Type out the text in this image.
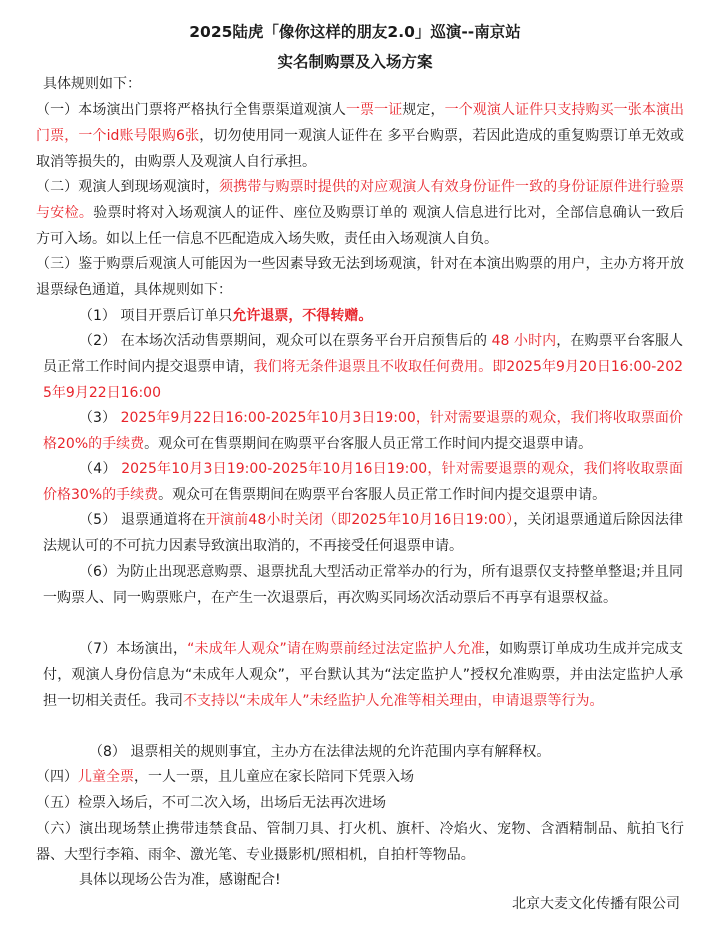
2025陆虎「像你这样的朋友2.0」巡演--南京站
实名制购票及入场方案
具体规则如下：
（一）本场演出门票将严格执行全售票渠道观演人一票一证规定，一个观演人证件只支持购买一张本演出门票，一个id账号限购6张，切勿使用同一观演人证件在 多平台购票，若因此造成的重复购票订单无效或取消等损失的，由购票人及观演人自行承担。
（二）观演人到现场观演时，须携带与购票时提供的对应观演人有效身份证件一致的身份证原件进行验票与安检。验票时将对入场观演人的证件、座位及购票订单的 观演人信息进行比对，全部信息确认一致后方可入场。如以上任一信息不匹配造成入场失败，责任由入场观演人自负。
（三）鉴于购票后观演人可能因为一些因素导致无法到场观演，针对在本演出购票的用户，主办方将开放退票绿色通道，具体规则如下：
（1） 项目开票后订单只允许退票，不得转赠。
（2） 在本场次活动售票期间，观众可以在票务平台开启预售后的 48 小时内，在购票平台客服人员正常工作时间内提交退票申请，我们将无条件退票且不收取任何费用。即2025年9月20日16:00-2025年9月22日16:00
（3） 2025年9月22日16:00-2025年10月3日19:00，针对需要退票的观众，我们将收取票面价格20%的手续费。观众可在售票期间在购票平台客服人员正常工作时间内提交退票申请。
（4） 2025年10月3日19:00-2025年10月16日19:00，针对需要退票的观众，我们将收取票面价格30%的手续费。观众可在售票期间在购票平台客服人员正常工作时间内提交退票申请。
（5） 退票通道将在开演前48小时关闭（即2025年10月16日19:00），关闭退票通道后除因法律法规认可的不可抗力因素导致演出取消的，不再接受任何退票申请。
（6）为防止出现恶意购票、退票扰乱大型活动正常举办的行为，所有退票仅支持整单整退;并且同一购票人、同一购票账户，在产生一次退票后，再次购买同场次活动票后不再享有退票权益。
（7）本场演出，“未成年人观众”请在购票前经过法定监护人允准，如购票订单成功生成并完成支付，观演人身份信息为“未成年人观众”，平台默认其为“法定监护人”授权允准购票，并由法定监护人承担一切相关责任。我司不支持以“未成年人”未经监护人允准等相关理由，申请退票等行为。
（8） 退票相关的规则事宜，主办方在法律法规的允许范围内享有解释权。
（四）儿童全票，一人一票，且儿童应在家长陪同下凭票入场
（五）检票入场后，不可二次入场，出场后无法再次进场
（六）演出现场禁止携带违禁食品、管制刀具、打火机、旗杆、冷焰火、宠物、含酒精制品、航拍飞行器、大型行李箱、雨伞、激光笔、专业摄影机/照相机，自拍杆等物品。
具体以现场公告为准，感谢配合!
北京大麦文化传播有限公司
